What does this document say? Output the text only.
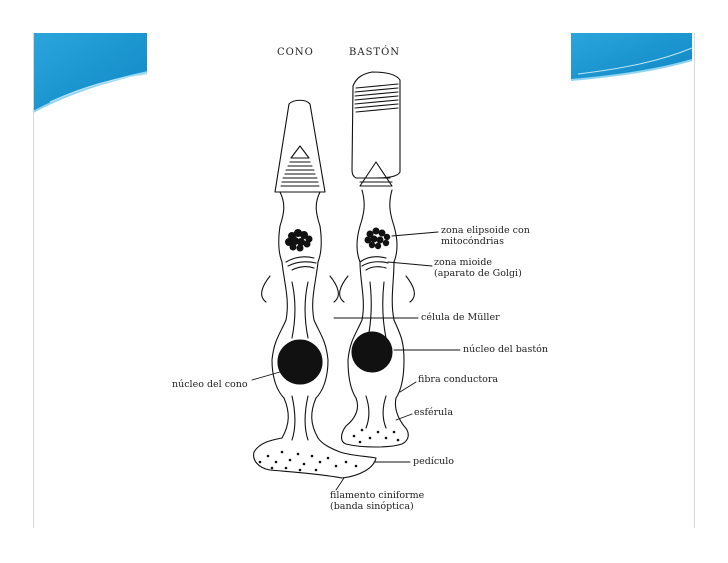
CONO	BASTÓN
zona elipsoide con
mitocóndrias
zona mioide
(aparato de Golgi)
célula de Müller
núcleo del bastón
núcleo del cono	fibra conductora
esférula
pedículo
filamento ciniforme
(banda sinóptica)
